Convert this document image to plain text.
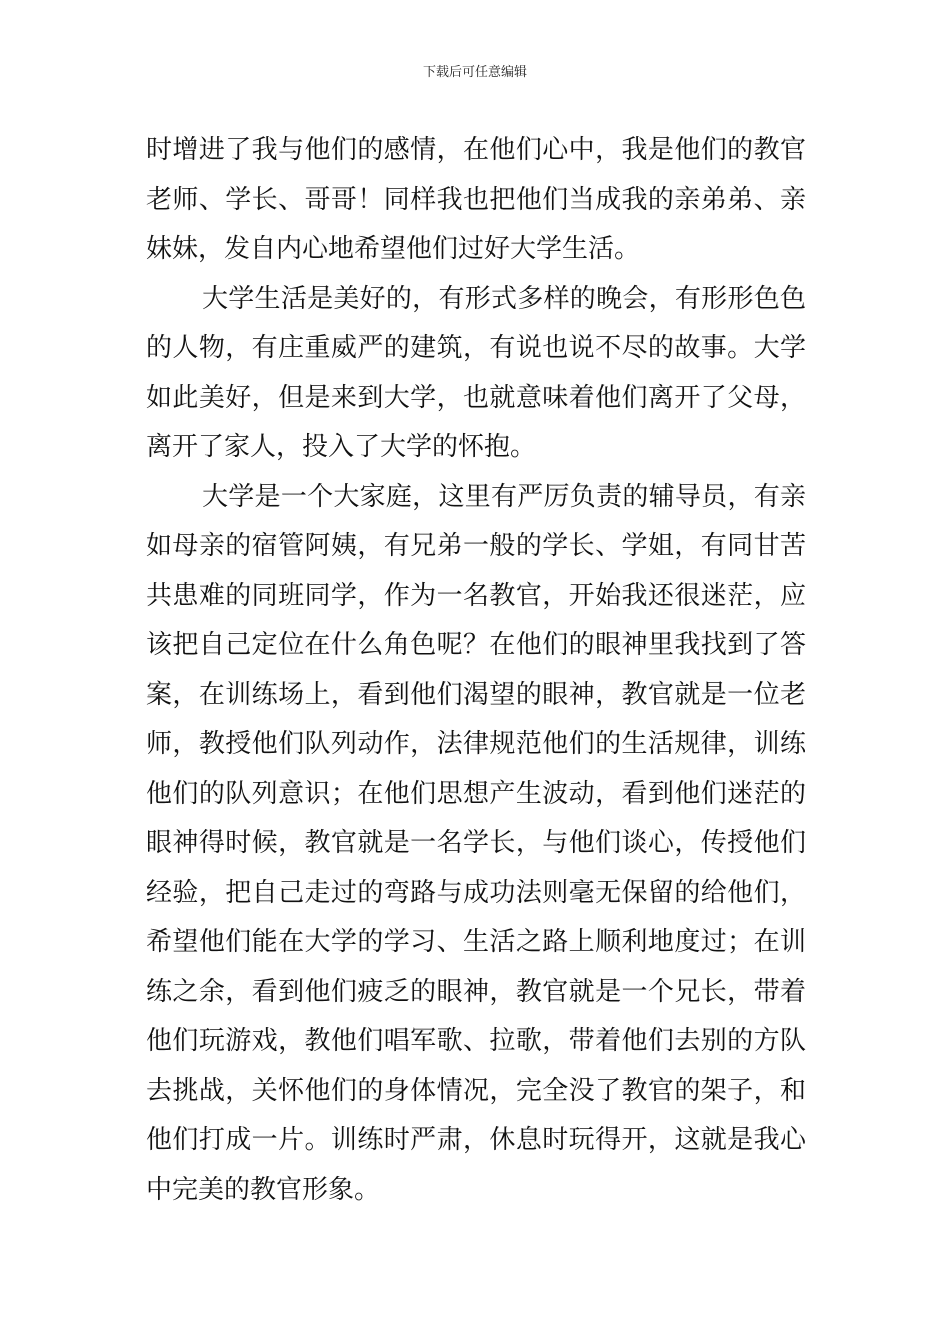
下载后可任意编辑
时增进了我与他们的感情，在他们心中，我是他们的教官
老师、学长、哥哥！同样我也把他们当成我的亲弟弟、亲
妹妹，发自内心地希望他们过好大学生活。
大学生活是美好的，有形式多样的晚会，有形形色色
的人物，有庄重威严的建筑，有说也说不尽的故事。大学
如此美好，但是来到大学，也就意味着他们离开了父母，
离开了家人，投入了大学的怀抱。
大学是一个大家庭，这里有严厉负责的辅导员，有亲
如母亲的宿管阿姨，有兄弟一般的学长、学姐，有同甘苦
共患难的同班同学，作为一名教官，开始我还很迷茫，应
该把自己定位在什么角色呢？在他们的眼神里我找到了答
案，在训练场上，看到他们渴望的眼神，教官就是一位老
师，教授他们队列动作，法律规范他们的生活规律，训练
他们的队列意识；在他们思想产生波动，看到他们迷茫的
眼神得时候，教官就是一名学长，与他们谈心，传授他们
经验，把自己走过的弯路与成功法则毫无保留的给他们，
希望他们能在大学的学习、生活之路上顺利地度过；在训
练之余，看到他们疲乏的眼神，教官就是一个兄长，带着
他们玩游戏，教他们唱军歌、拉歌，带着他们去别的方队
去挑战，关怀他们的身体情况，完全没了教官的架子，和
他们打成一片。训练时严肃，休息时玩得开，这就是我心
中完美的教官形象。
